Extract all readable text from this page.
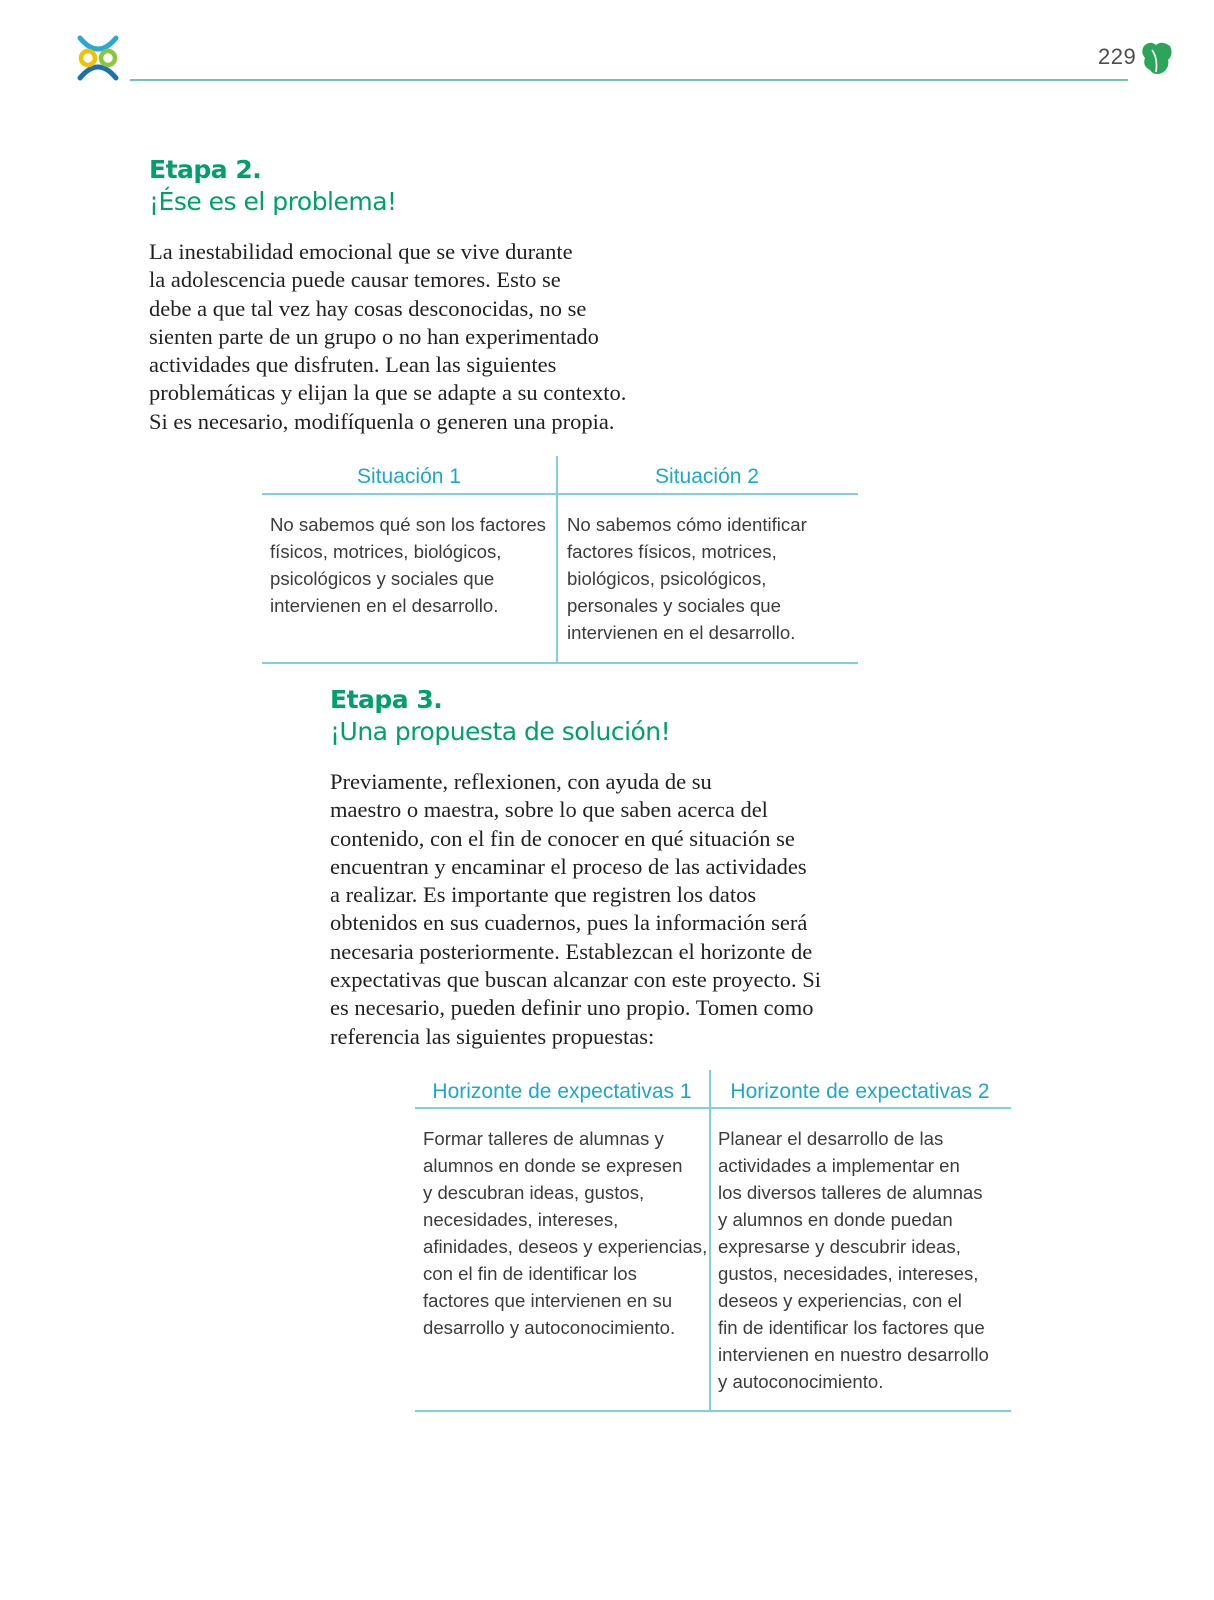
229
Etapa 2.
¡Ése es el problema!
La inestabilidad emocional que se vive durante
la adolescencia puede causar temores. Esto se
debe a que tal vez hay cosas desconocidas, no se
sienten parte de un grupo o no han experimentado
actividades que disfruten. Lean las siguientes
problemáticas y elijan la que se adapte a su contexto.
Si es necesario, modifíquenla o generen una propia.
Situación 1	Situación 2
No sabemos qué son los factores
físicos, motrices, biológicos,
psicológicos y sociales que
intervienen en el desarrollo.
No sabemos cómo identificar
factores físicos, motrices,
biológicos, psicológicos,
personales y sociales que
intervienen en el desarrollo.
Etapa 3.
¡Una propuesta de solución!
Previamente, reflexionen, con ayuda de su
maestro o maestra, sobre lo que saben acerca del
contenido, con el fin de conocer en qué situación se
encuentran y encaminar el proceso de las actividades
a realizar. Es importante que registren los datos
obtenidos en sus cuadernos, pues la información será
necesaria posteriormente. Establezcan el horizonte de
expectativas que buscan alcanzar con este proyecto. Si
es necesario, pueden definir uno propio. Tomen como
referencia las siguientes propuestas:
Horizonte de expectativas 1	Horizonte de expectativas 2
Formar talleres de alumnas y
alumnos en donde se expresen
y descubran ideas, gustos,
necesidades, intereses,
afinidades, deseos y experiencias,
con el fin de identificar los
factores que intervienen en su
desarrollo y autoconocimiento.
Planear el desarrollo de las
actividades a implementar en
los diversos talleres de alumnas
y alumnos en donde puedan
expresarse y descubrir ideas,
gustos, necesidades, intereses,
deseos y experiencias, con el
fin de identificar los factores que
intervienen en nuestro desarrollo
y autoconocimiento.
